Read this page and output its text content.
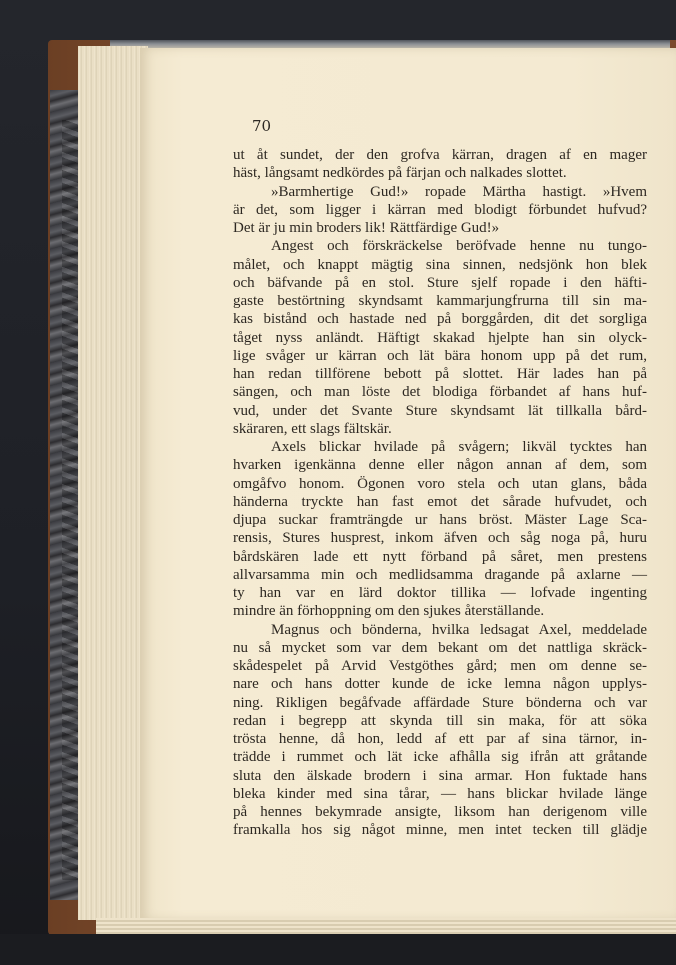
70
ut åt sundet, der den grofva kärran, dragen af en mager
häst, långsamt nedkördes på färjan och nalkades slottet.
»Barmhertige Gud!» ropade Märtha hastigt. »Hvem
är det, som ligger i kärran med blodigt förbundet hufvud?
Det är ju min broders lik! Rättfärdige Gud!»
Angest och förskräckelse beröfvade henne nu tungo-
målet, och knappt mägtig sina sinnen, nedsjönk hon blek
och bäfvande på en stol. Sture sjelf ropade i den häfti-
gaste bestörtning skyndsamt kammarjungfrurna till sin ma-
kas bistånd och hastade ned på borggården, dit det sorgliga
tåget nyss anländt. Häftigt skakad hjelpte han sin olyck-
lige svåger ur kärran och lät bära honom upp på det rum,
han redan tillförene bebott på slottet. Här lades han på
sängen, och man löste det blodiga förbandet af hans huf-
vud, under det Svante Sture skyndsamt lät tillkalla bård-
skäraren, ett slags fältskär.
Axels blickar hvilade på svågern; likväl tycktes han
hvarken igenkänna denne eller någon annan af dem, som
omgåfvo honom. Ögonen voro stela och utan glans, båda
händerna tryckte han fast emot det sårade hufvudet, och
djupa suckar framträngde ur hans bröst. Mäster Lage Sca-
rensis, Stures husprest, inkom äfven och såg noga på, huru
bårdskären lade ett nytt förband på såret, men prestens
allvarsamma min och medlidsamma dragande på axlarne —
ty han var en lärd doktor tillika — lofvade ingenting
mindre än förhoppning om den sjukes återställande.
Magnus och bönderna, hvilka ledsagat Axel, meddelade
nu så mycket som var dem bekant om det nattliga skräck-
skådespelet på Arvid Vestgöthes gård; men om denne se-
nare och hans dotter kunde de icke lemna någon upplys-
ning. Rikligen begåfvade affärdade Sture bönderna och var
redan i begrepp att skynda till sin maka, för att söka
trösta henne, då hon, ledd af ett par af sina tärnor, in-
trädde i rummet och lät icke afhålla sig ifrån att gråtande
sluta den älskade brodern i sina armar. Hon fuktade hans
bleka kinder med sina tårar, — hans blickar hvilade länge
på hennes bekymrade ansigte, liksom han derigenom ville
framkalla hos sig något minne, men intet tecken till glädje
